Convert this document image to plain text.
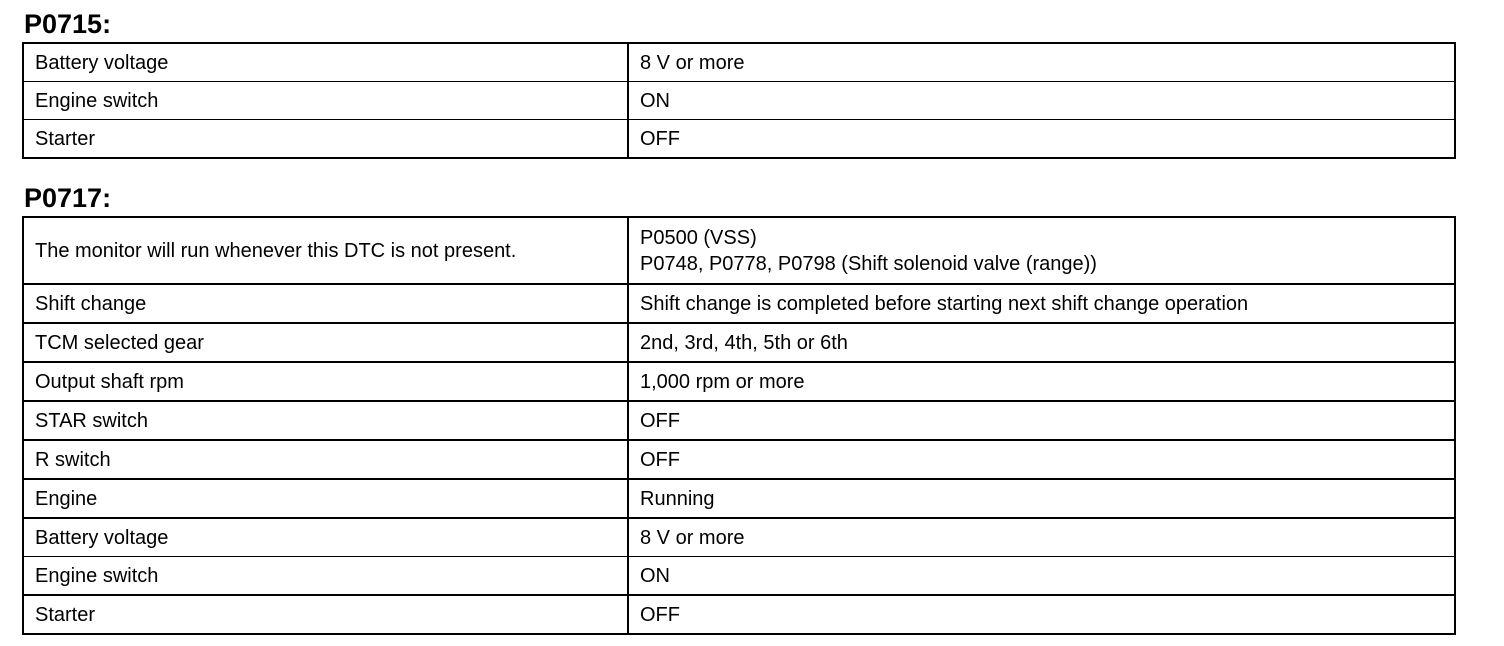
P0715:
Battery voltage	8 V or more
Engine switch	ON
Starter	OFF
P0717:
The monitor will run whenever this DTC is not present.	P0500 (VSS)
P0748, P0778, P0798 (Shift solenoid valve (range))

Shift change	Shift change is completed before starting next shift change operation
TCM selected gear	2nd, 3rd, 4th, 5th or 6th
Output shaft rpm	1,000 rpm or more
STAR switch	OFF
R switch	OFF
Engine	Running
Battery voltage	8 V or more
Engine switch	ON
Starter	OFF
